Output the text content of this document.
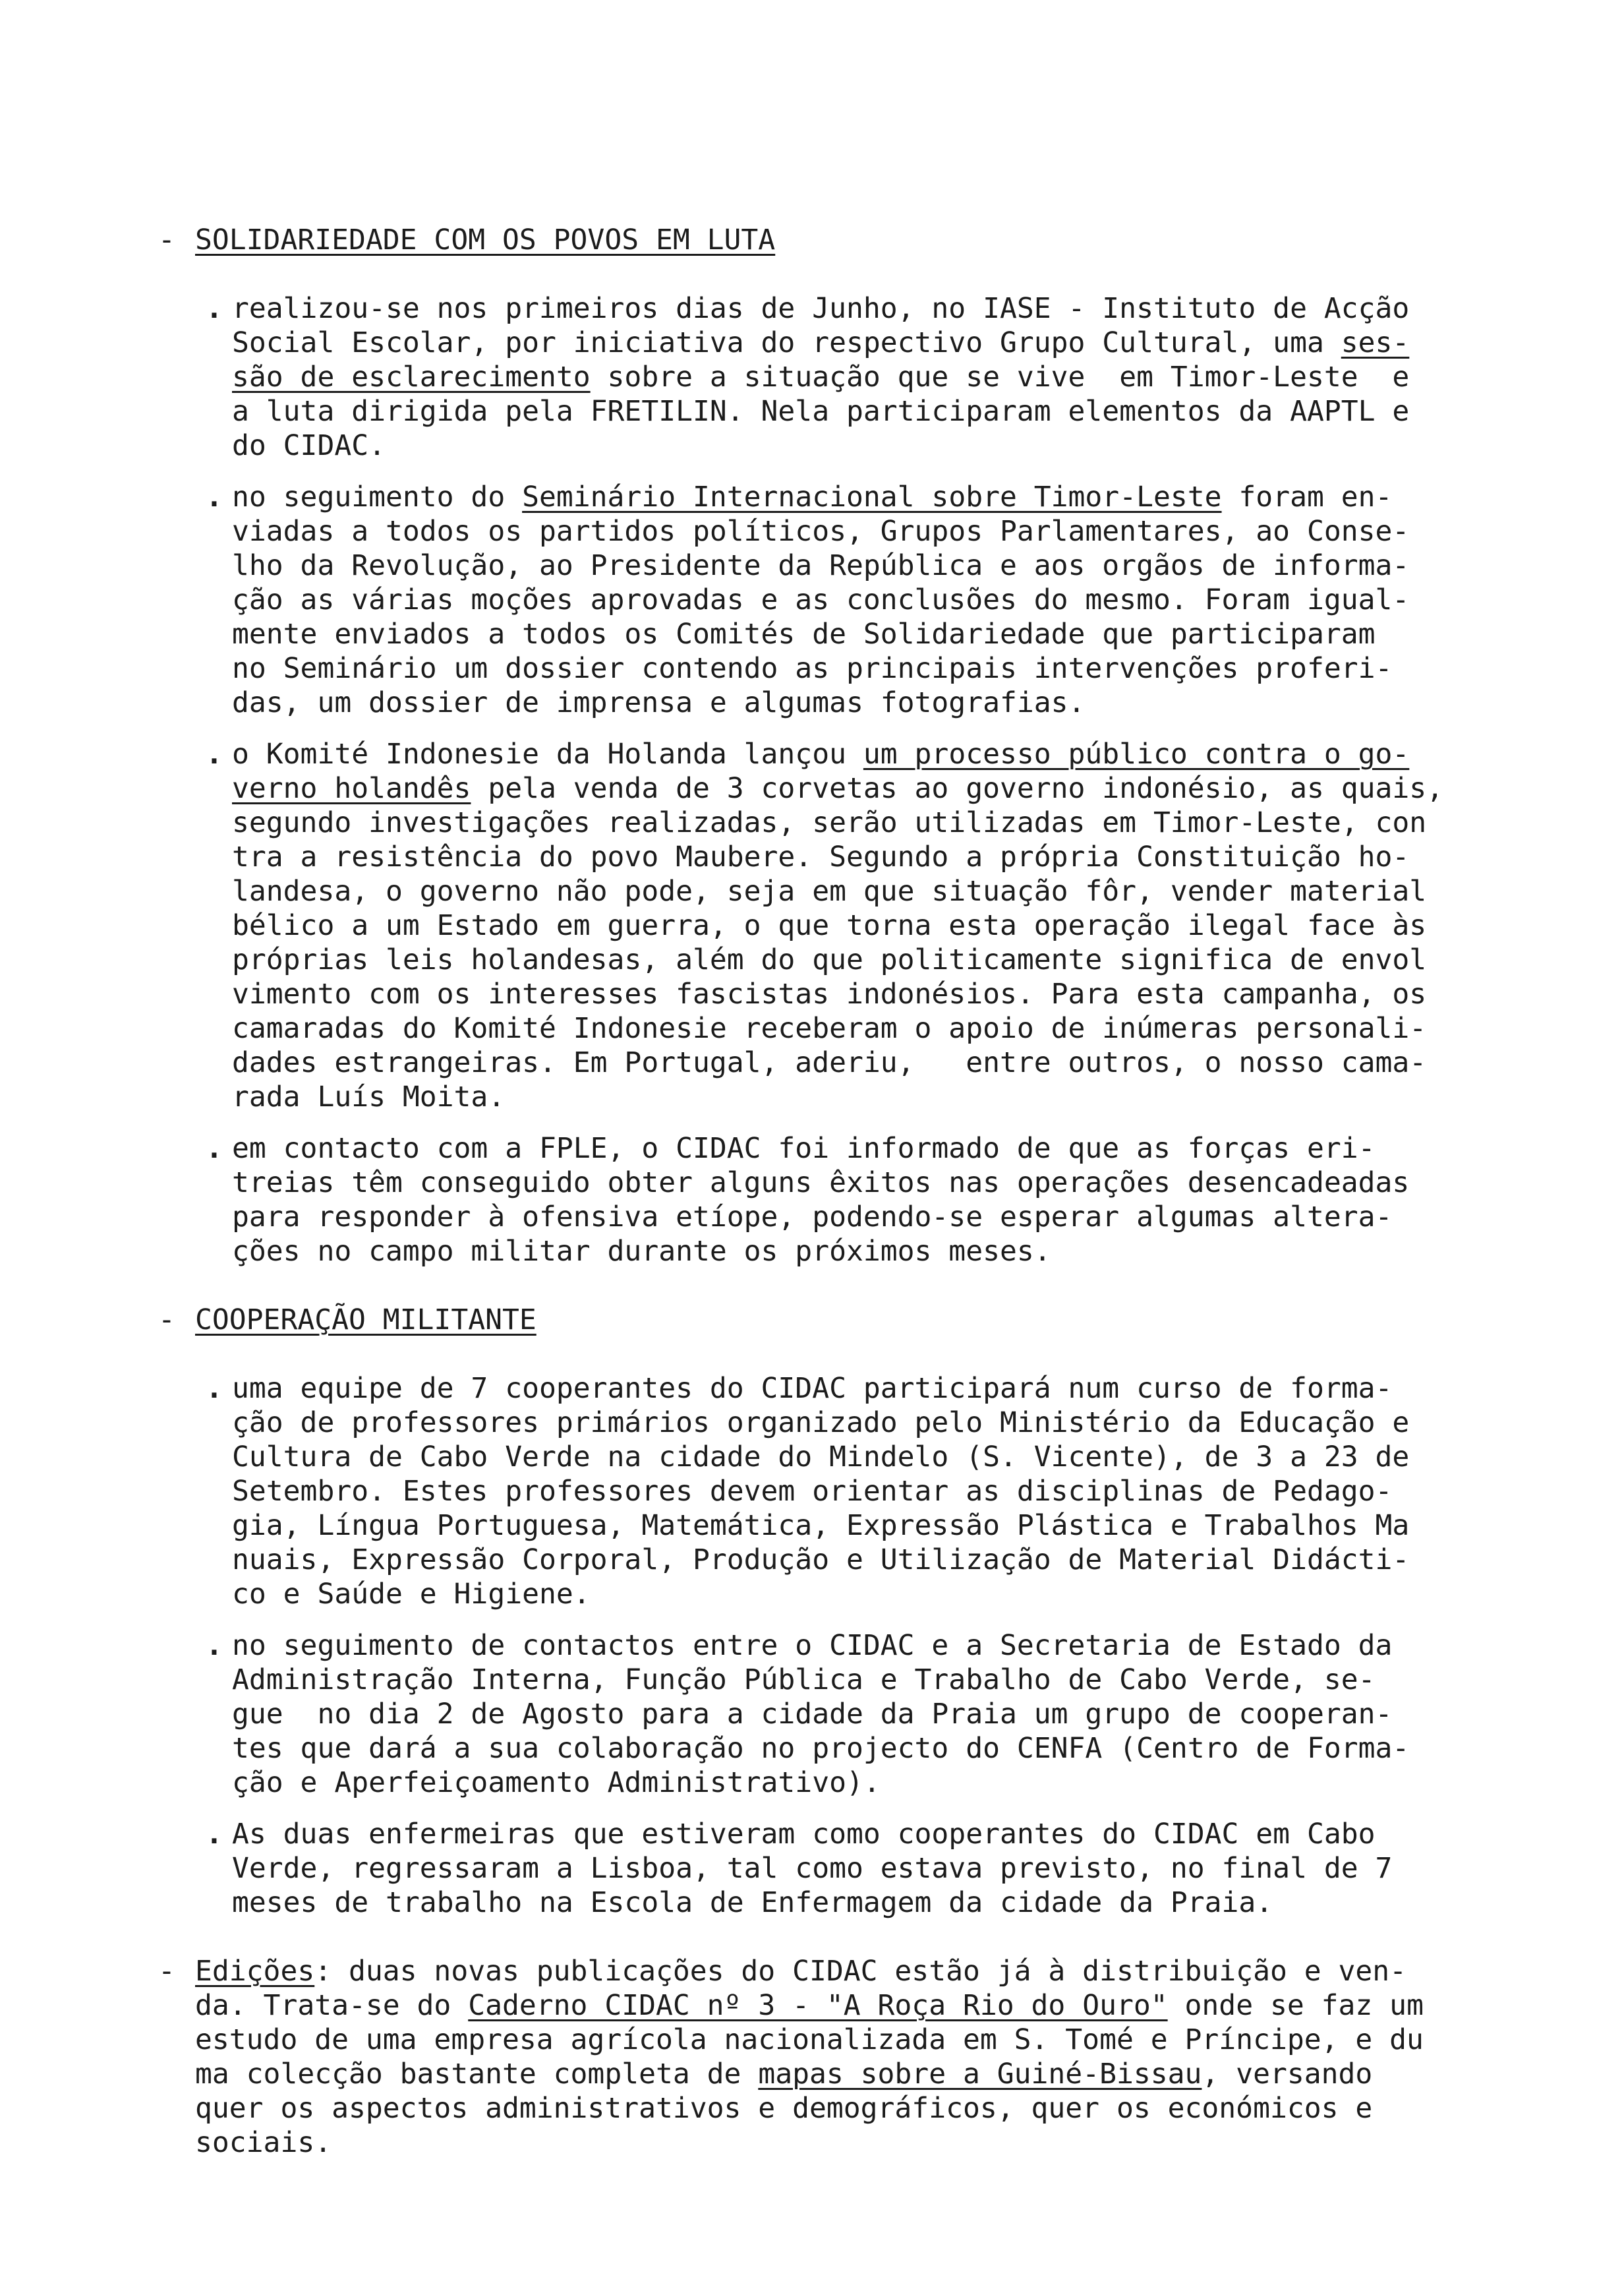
- SOLIDARIEDADE COM OS POVOS EM LUTA
. realizou-se nos primeiros dias de Junho, no IASE - Instituto de Acção
Social Escolar, por iniciativa do respectivo Grupo Cultural, uma ses-
são de esclarecimento sobre a situação que se vive  em Timor-Leste  e
a luta dirigida pela FRETILIN. Nela participaram elementos da AAPTL e
do CIDAC.
. no seguimento do Seminário Internacional sobre Timor-Leste foram en-
viadas a todos os partidos políticos, Grupos Parlamentares, ao Conse-
lho da Revolução, ao Presidente da República e aos orgãos de informa-
ção as várias moções aprovadas e as conclusões do mesmo. Foram igual-
mente enviados a todos os Comités de Solidariedade que participaram
no Seminário um dossier contendo as principais intervenções proferi-
das, um dossier de imprensa e algumas fotografias.
. o Komité Indonesie da Holanda lançou um processo público contra o go-
verno holandês pela venda de 3 corvetas ao governo indonésio, as quais,
segundo investigações realizadas, serão utilizadas em Timor-Leste, con
tra a resistência do povo Maubere. Segundo a própria Constituição ho-
landesa, o governo não pode, seja em que situação fôr, vender material
bélico a um Estado em guerra, o que torna esta operação ilegal face às
próprias leis holandesas, além do que politicamente significa de envol
vimento com os interesses fascistas indonésios. Para esta campanha, os
camaradas do Komité Indonesie receberam o apoio de inúmeras personali-
dades estrangeiras. Em Portugal, aderiu,   entre outros, o nosso cama-
rada Luís Moita.
. em contacto com a FPLE, o CIDAC foi informado de que as forças eri-
treias têm conseguido obter alguns êxitos nas operações desencadeadas
para responder à ofensiva etíope, podendo-se esperar algumas altera-
ções no campo militar durante os próximos meses.
- COOPERAÇÃO MILITANTE
. uma equipe de 7 cooperantes do CIDAC participará num curso de forma-
ção de professores primários organizado pelo Ministério da Educação e
Cultura de Cabo Verde na cidade do Mindelo (S. Vicente), de 3 a 23 de
Setembro. Estes professores devem orientar as disciplinas de Pedago-
gia, Língua Portuguesa, Matemática, Expressão Plástica e Trabalhos Ma
nuais, Expressão Corporal, Produção e Utilização de Material Didácti-
co e Saúde e Higiene.
. no seguimento de contactos entre o CIDAC e a Secretaria de Estado da
Administração Interna, Função Pública e Trabalho de Cabo Verde, se-
gue  no dia 2 de Agosto para a cidade da Praia um grupo de cooperan-
tes que dará a sua colaboração no projecto do CENFA (Centro de Forma-
ção e Aperfeiçoamento Administrativo).
. As duas enfermeiras que estiveram como cooperantes do CIDAC em Cabo
Verde, regressaram a Lisboa, tal como estava previsto, no final de 7
meses de trabalho na Escola de Enfermagem da cidade da Praia.
- Edições: duas novas publicações do CIDAC estão já à distribuição e ven-
da. Trata-se do Caderno CIDAC nº 3 - "A Roça Rio do Ouro" onde se faz um
estudo de uma empresa agrícola nacionalizada em S. Tomé e Príncipe, e du
ma colecção bastante completa de mapas sobre a Guiné-Bissau, versando
quer os aspectos administrativos e demográficos, quer os económicos e
sociais.
